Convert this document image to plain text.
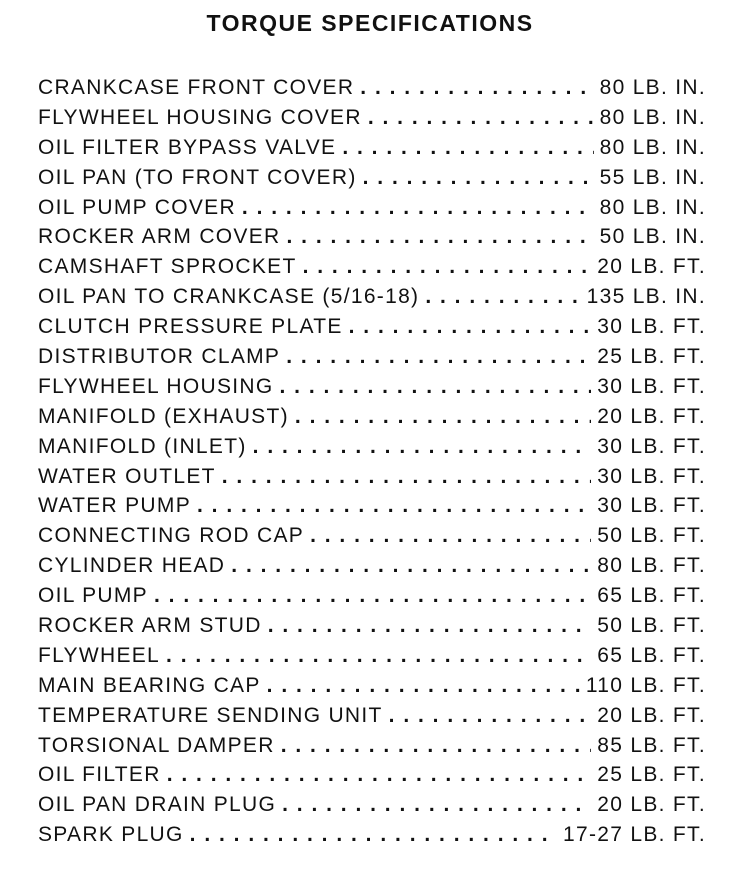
TORQUE SPECIFICATIONS
CRANKCASE FRONT COVER . . .	80 LB. IN.
FLYWHEEL HOUSING COVER . . .	80 LB. IN.
OIL FILTER BYPASS VALVE . . .	80 LB. IN.
OIL PAN (TO FRONT COVER) . . .	55 LB. IN.
OIL PUMP COVER . . .	80 LB. IN.
ROCKER ARM COVER . . .	50 LB. IN.
CAMSHAFT SPROCKET . . .	20 LB. FT.
OIL PAN TO CRANKCASE (5/16-18) . . .	135 LB. IN.
CLUTCH PRESSURE PLATE . . .	30 LB. FT.
DISTRIBUTOR CLAMP . . .	25 LB. FT.
FLYWHEEL HOUSING . . .	30 LB. FT.
MANIFOLD (EXHAUST) . . .	20 LB. FT.
MANIFOLD (INLET) . . .	30 LB. FT.
WATER OUTLET . . .	30 LB. FT.
WATER PUMP . . .	30 LB. FT.
CONNECTING ROD CAP . . .	50 LB. FT.
CYLINDER HEAD . . .	80 LB. FT.
OIL PUMP . . .	65 LB. FT.
ROCKER ARM STUD . . .	50 LB. FT.
FLYWHEEL . . .	65 LB. FT.
MAIN BEARING CAP . . .	110 LB. FT.
TEMPERATURE SENDING UNIT . . .	20 LB. FT.
TORSIONAL DAMPER . . .	85 LB. FT.
OIL FILTER . . .	25 LB. FT.
OIL PAN DRAIN PLUG . . .	20 LB. FT.
SPARK PLUG . . .	17-27 LB. FT.
